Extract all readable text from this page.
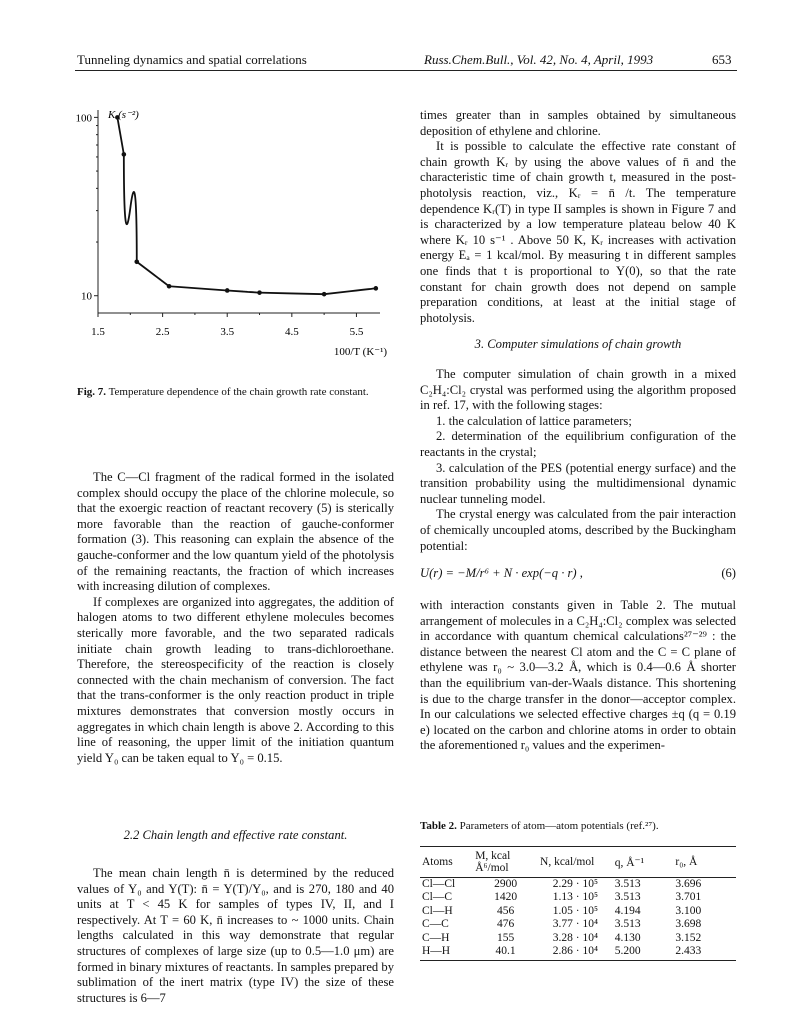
Tunneling dynamics and spatial correlations	Russ.Chem.Bull., Vol. 42, No. 4, April, 1993	653
100
10
1.5	2.5	3.5	4.5	5.5
K (s⁻²)
100/T (K⁻¹)
Fig. 7. Temperature dependence of the chain growth rate constant.

The C—Cl fragment of the radical formed in the isolated complex should occupy the place of the chlorine molecule, so that the exoergic reaction of reactant recovery (5) is sterically more favorable than the reaction of gauche-conformer formation (3). This reasoning can explain the absence of the gauche-conformer and the low quantum yield of the photolysis of the remaining reactants, the fraction of which increases with increasing dilution of complexes.

If complexes are organized into aggregates, the addition of halogen atoms to two different ethylene molecules becomes sterically more favorable, and the two separated radicals initiate chain growth leading to trans-dichloroethane. Therefore, the stereospecificity of the reaction is closely connected with the chain mechanism of conversion. The fact that the trans-conformer is the only reaction product in triple mixtures demonstrates that conversion mostly occurs in aggregates in which chain length is above 2. According to this line of reasoning, the upper limit of the initiation quantum yield Y₀ can be taken equal to Y₀ = 0.15.

2.2 Chain length and effective rate constant.

The mean chain length n̄ is determined by the reduced values of Y₀ and Y(T): n̄ = Y(T)/Y₀, and is 270, 180 and 40 units at T < 45 K for samples of types IV, II, and I respectively. At T = 60 K, n̄ increases to ~ 1000 units. Chain lengths calculated in this way demonstrate that regular structures of complexes of large size (up to 0.5—1.0 μm) are formed in binary mixtures of reactants. In samples prepared by sublimation of the inert matrix (type IV) the size of these structures is 6—7

times greater than in samples obtained by simultaneous deposition of ethylene and chlorine.

It is possible to calculate the effective rate constant of chain growth Kᵣ by using the above values of n̄ and the characteristic time of chain growth t, measured in the post-photolysis reaction, viz., Kᵣ = n̄ /t. The temperature dependence Kᵣ(T) in type II samples is shown in Figure 7 and is characterized by a low temperature plateau below 40 K where Kᵣ 10 s⁻¹ . Above 50 K, Kᵣ increases with activation energy Eₐ = 1 kcal/mol. By measuring t in different samples one finds that t is proportional to Y(0), so that the rate constant for chain growth does not depend on sample preparation conditions, at least at the initial stage of photolysis.

3. Computer simulations of chain growth

The computer simulation of chain growth in a mixed C₂H₄:Cl₂ crystal was performed using the algorithm proposed in ref. 17, with the following stages:

1. the calculation of lattice parameters;

2. determination of the equilibrium configuration of the reactants in the crystal;

3. calculation of the PES (potential energy surface) and the transition probability using the multidimensional dynamic nuclear tunneling model.

The crystal energy was calculated from the pair interaction of chemically uncoupled atoms, described by the Buckingham potential:

U(r) = −M/r⁶ + N · exp(−q · r) ,	(6)

with interaction constants given in Table 2. The mutual arrangement of molecules in a C₂H₄:Cl₂ complex was selected in accordance with quantum chemical calculations²⁷⁻²⁹ : the distance between the nearest Cl atom and the C = C plane of ethylene was r₀ ~ 3.0—3.2 Å, which is 0.4—0.6 Å shorter than the equilibrium van-der-Waals distance. This shortening is due to the charge transfer in the donor—acceptor complex. In our calculations we selected effective charges ±q (q = 0.19 e) located on the carbon and chlorine atoms in order to obtain the aforementioned r₀ values and the experimen-

Table 2. Parameters of atom—atom potentials (ref.²⁷).
Atoms	M, kcal Å⁶/mol	N, kcal/mol	q, Å⁻¹	r₀, Å
Cl—Cl	2900	2.29 · 10⁵	3.513	3.696
Cl—C	1420	1.13 · 10⁵	3.513	3.701
Cl—H	456	1.05 · 10⁵	4.194	3.100
C—C	476	3.77 · 10⁴	3.513	3.698
C—H	155	3.28 · 10⁴	4.130	3.152
H—H	40.1	2.86 · 10⁴	5.200	2.433
